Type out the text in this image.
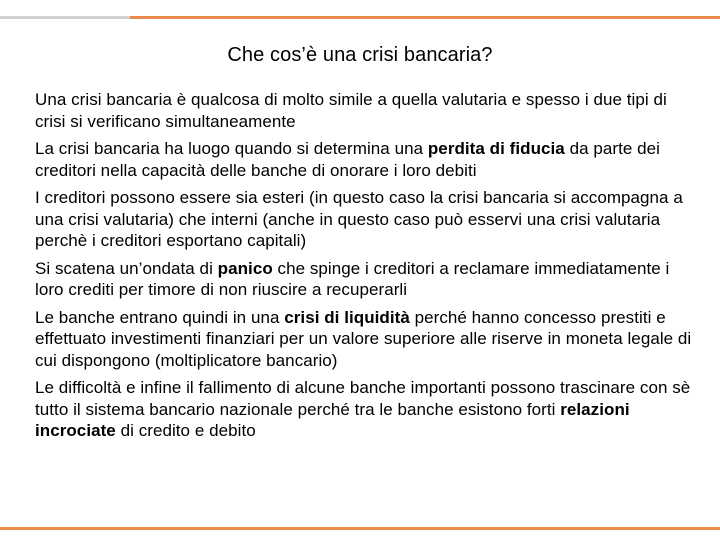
Che cos’è una crisi bancaria?

Una crisi bancaria è qualcosa di molto simile a quella valutaria e spesso i due tipi di crisi si verificano simultaneamente

La crisi bancaria ha luogo quando si determina una perdita di fiducia da parte dei creditori nella capacità delle banche di onorare i loro debiti

I creditori possono essere sia esteri (in questo caso la crisi bancaria si accompagna a una crisi valutaria) che interni (anche in questo caso può esservi una crisi valutaria perchè i creditori esportano capitali)

Si scatena un’ondata di panico che spinge i creditori a reclamare immediatamente i loro crediti per timore di non riuscire a recuperarli

Le banche entrano quindi in una crisi di liquidità perché hanno concesso prestiti e effettuato investimenti finanziari per un valore superiore alle riserve in moneta legale di cui dispongono (moltiplicatore bancario)

Le difficoltà e infine il fallimento di alcune banche importanti possono trascinare con sè tutto il sistema bancario nazionale perché tra le banche esistono forti relazioni incrociate di credito e debito
